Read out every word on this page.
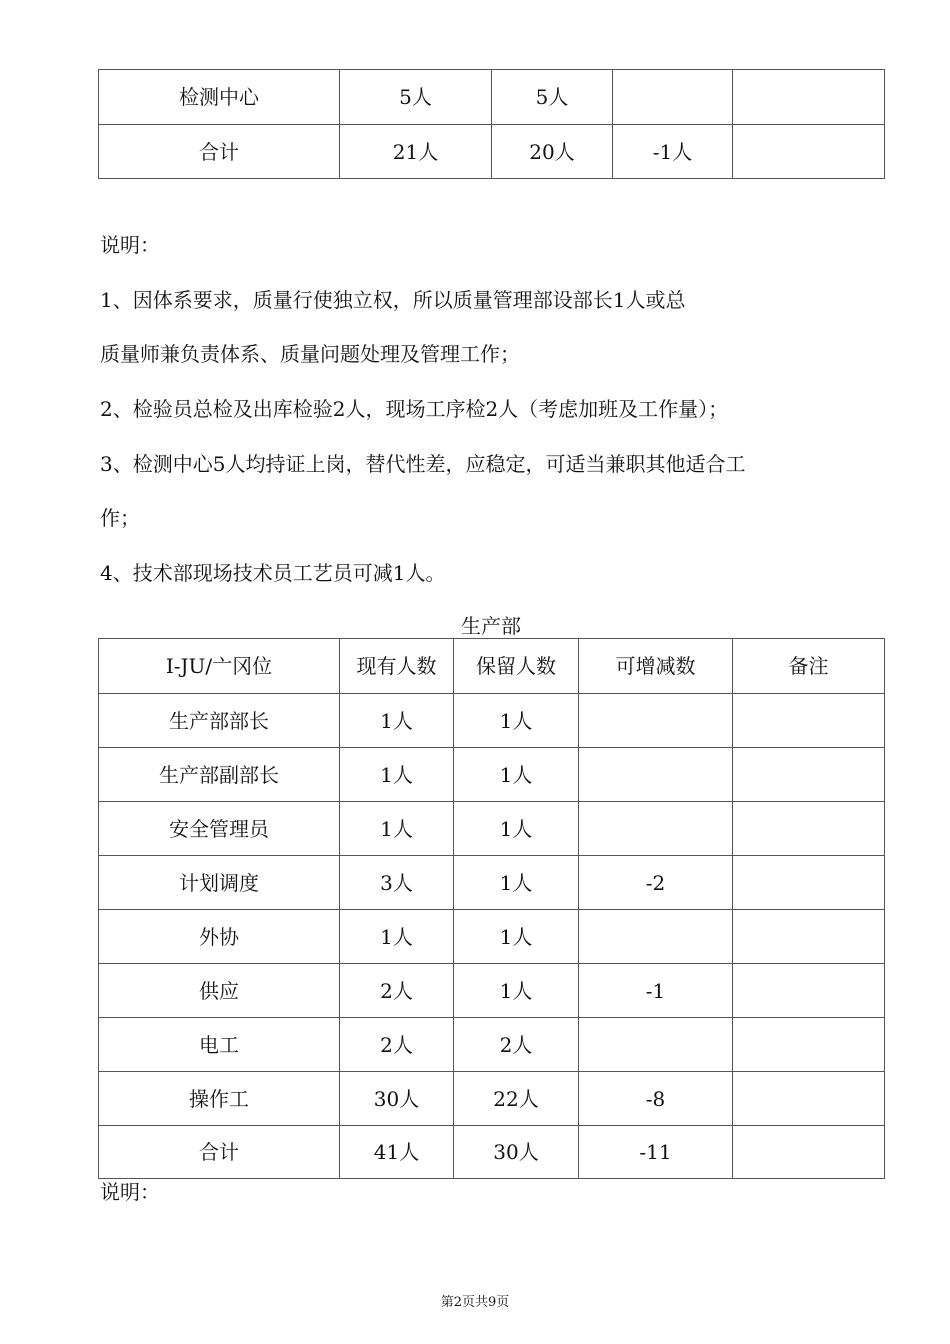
检测中心	5人	5人		
合计	21人	20人	-1人	
说明：
1、因体系要求，质量行使独立权，所以质量管理部设部长1人或总
质量师兼负责体系、质量问题处理及管理工作；
2、检验员总检及出库检验2人，现场工序检2人（考虑加班及工作量）；
3、检测中心5人均持证上岗，替代性差，应稳定，可适当兼职其他适合工
作；
4、技术部现场技术员工艺员可减1人。
生产部
I-JU/亠冈位	现有人数	保留人数	可增减数	备注
生产部部长	1人	1人		
生产部副部长	1人	1人		
安全管理员	1人	1人		
计划调度	3人	1人	-2	
外协	1人	1人		
供应	2人	1人	-1	
电工	2人	2人		
操作工	30人	22人	-8	
合计	41人	30人	-11	
说明：
第2页共9页
